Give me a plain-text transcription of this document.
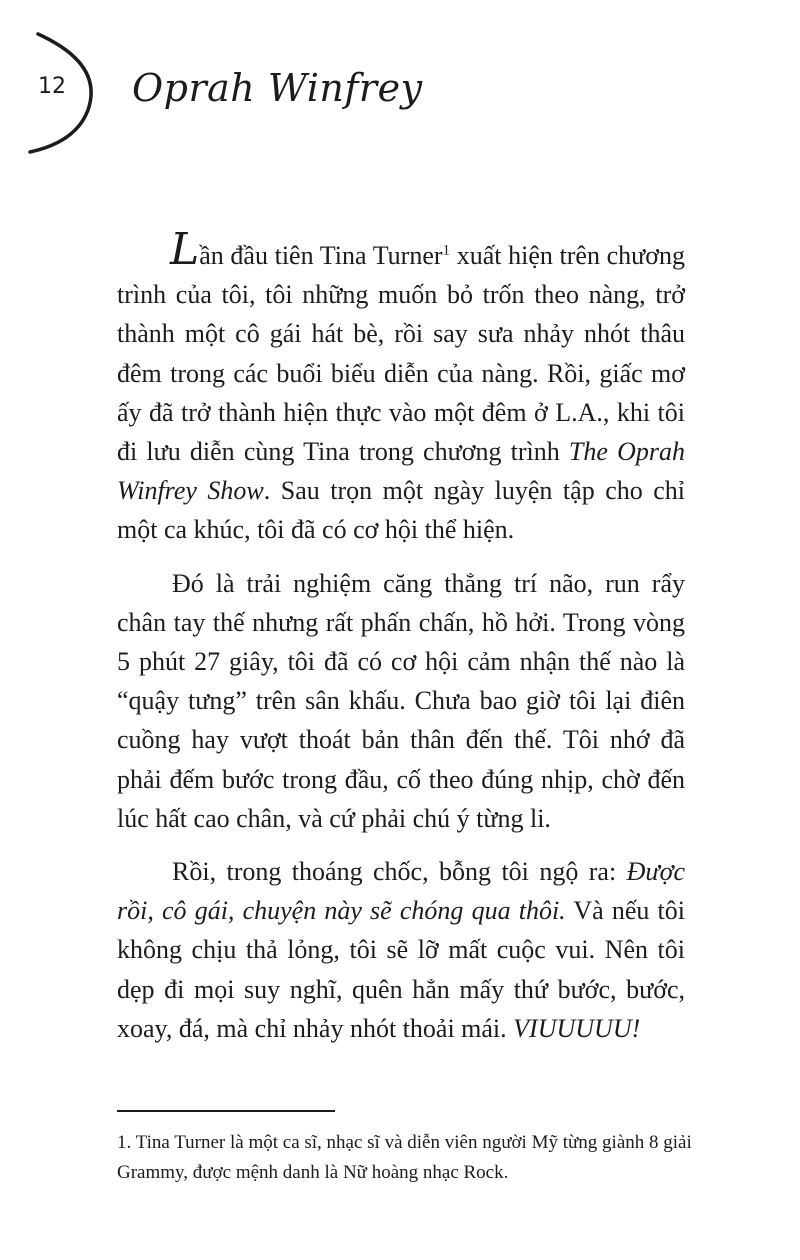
12 Oprah Winfrey

Lần đầu tiên Tina Turner$^1$ xuất hiện trên chương trình của tôi, tôi những muốn bỏ trốn theo nàng, trở thành một cô gái hát bè, rồi say sưa nhảy nhót thâu đêm trong các buổi biểu diễn của nàng. Rồi, giấc mơ ấy đã trở thành hiện thực vào một đêm ở L.A., khi tôi đi lưu diễn cùng Tina trong chương trình The Oprah Winfrey Show. Sau trọn một ngày luyện tập cho chỉ một ca khúc, tôi đã có cơ hội thể hiện.

Đó là trải nghiệm căng thẳng trí não, run rẩy chân tay thế nhưng rất phấn chấn, hồ hởi. Trong vòng 5 phút 27 giây, tôi đã có cơ hội cảm nhận thế nào là “quậy tưng” trên sân khấu. Chưa bao giờ tôi lại điên cuồng hay vượt thoát bản thân đến thế. Tôi nhớ đã phải đếm bước trong đầu, cố theo đúng nhịp, chờ đến lúc hất cao chân, và cứ phải chú ý từng li.

Rồi, trong thoáng chốc, bỗng tôi ngộ ra: Được rồi, cô gái, chuyện này sẽ chóng qua thôi. Và nếu tôi không chịu thả lỏng, tôi sẽ lỡ mất cuộc vui. Nên tôi dẹp đi mọi suy nghĩ, quên hẳn mấy thứ bước, bước, xoay, đá, mà chỉ nhảy nhót thoải mái. VIUUUUU!

1. Tina Turner là một ca sĩ, nhạc sĩ và diễn viên người Mỹ từng giành 8 giải Grammy, được mệnh danh là Nữ hoàng nhạc Rock.
